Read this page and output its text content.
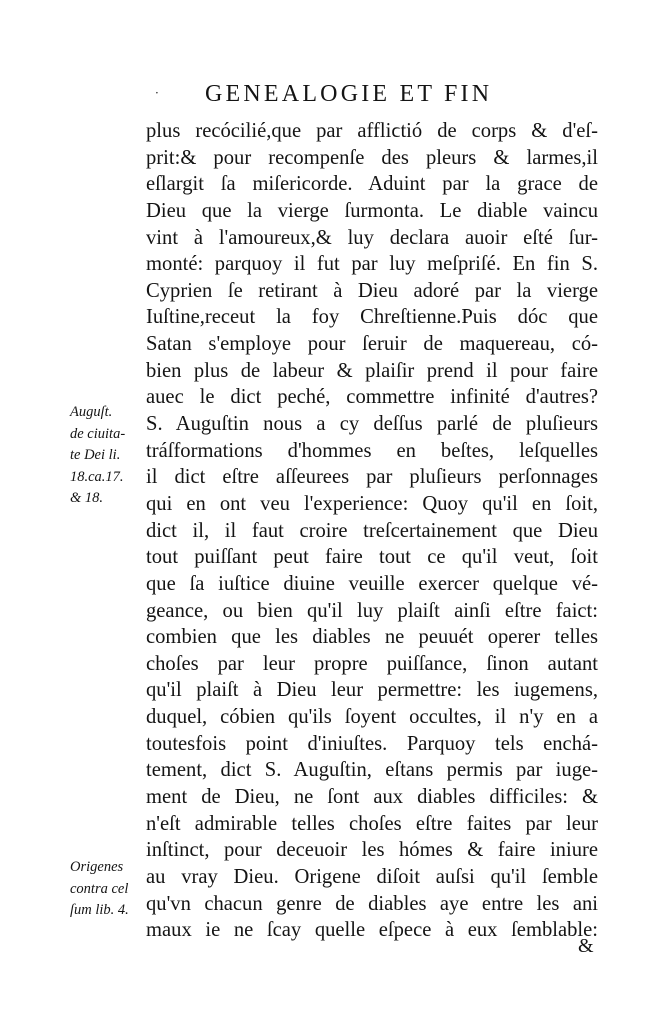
· GENEALOGIE ET FIN
plus recócilié,que par affliϲtió de corps & d'eſ-
prit:& pour recompenſe des pleurs & larmes,il
eſlargit ſa miſericorde. Aduint par la grace de
Dieu que la vierge ſurmonta. Le diable vaincu
vint à l'amoureux,& luy declara auoir eſté ſur-
monté: parquoy il fut par luy meſpriſé. En fin S.
Cyprien ſe retirant à Dieu adoré par la vierge
Iuſtine,receut la foy Chreſtienne.Puis dóc que
Satan s'employe pour ſeruir de maquereau, có-
bien plus de labeur & plaiſir prend il pour faire
auec le dict peché, commettre infinité d'autres?
S. Auguſtin nous a cy deſſus parlé de pluſieurs
tráſformations d'hommes en beſtes, leſquelles
il dict eſtre aſſeurees par pluſieurs perſonnages
qui en ont veu l'experience: Quoy qu'il en ſoit,
dict il, il faut croire treſcertainement que Dieu
tout puiſſant peut faire tout ce qu'il veut, ſoit
que ſa iuſtice diuine veuille exercer quelque vé-
geance, ou bien qu'il luy plaiſt ainſi eſtre faict:
combien que les diables ne peuuét operer telles
choſes par leur propre puiſſance, ſinon autant
qu'il plaiſt à Dieu leur permettre: les iugemens,
duquel, cóbien qu'ils ſoyent occultes, il n'y en a
toutesfois point d'iniuſtes. Parquoy tels enchá-
tement, dict S. Auguſtin, eſtans permis par iuge-
ment de Dieu, ne ſont aux diables difficiles: &
n'eſt admirable telles choſes eſtre faites par leur
inſtinct, pour deceuoir les hómes & faire iniure
au vray Dieu. Origene diſoit auſsi qu'il ſemble
qu'vn chacun genre de diables aye entre les ani
maux ie ne ſcay quelle eſpece à eux ſemblable:
&
Auguſt.
de ciuita-
te Dei li.
18.ca.17.
& 18.
Origenes
contra cel
ſum lib. 4.
